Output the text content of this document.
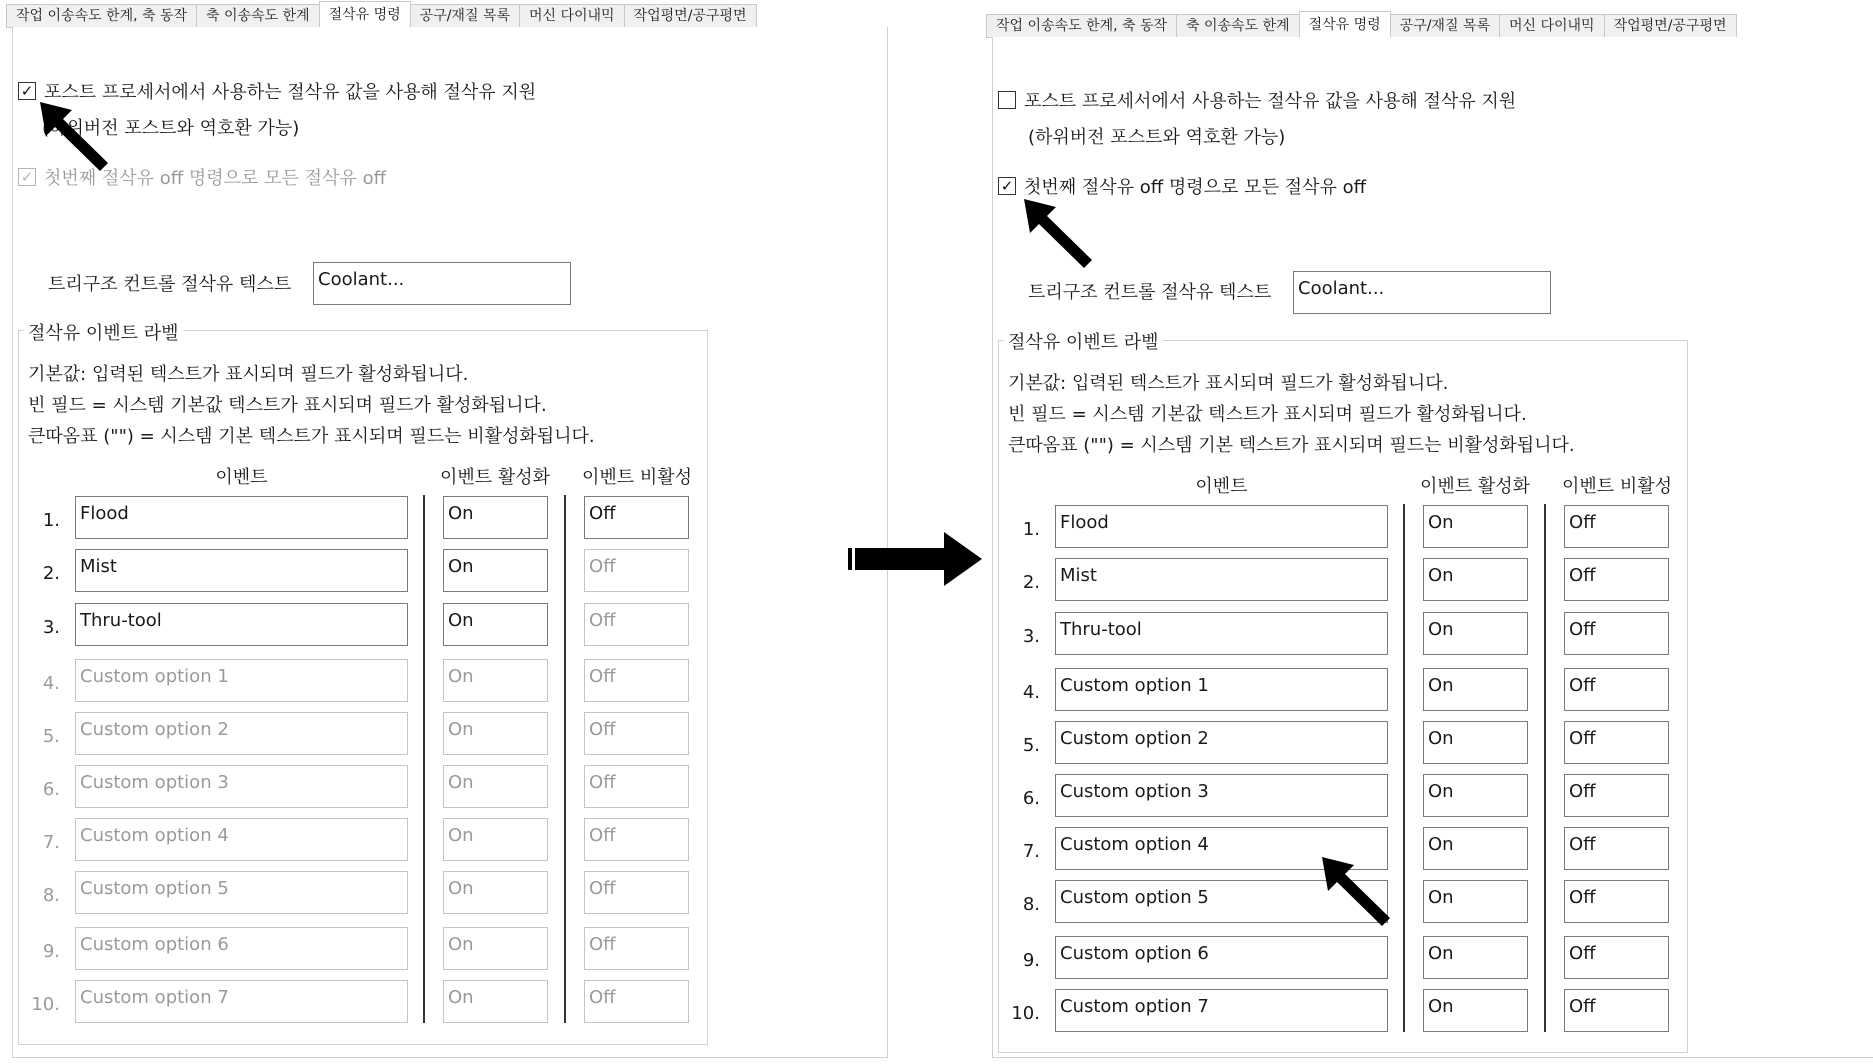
작업 이송속도 한계, 축 동작	축 이송속도 한계	절삭유 명령	공구/재질 목록	머신 다이내믹	작업평면/공구평면
✓ 포스트 프로세서에서 사용하는 절삭유 값을 사용해 절삭유 지원
(하위버전 포스트와 역호환 가능)
✓ 첫번째 절삭유 off 명령으로 모든 절삭유 off
트리구조 컨트롤 절삭유 텍스트 Coolant...
절삭유 이벤트 라벨
기본값: 입력된 텍스트가 표시되며 필드가 활성화됩니다.
빈 필드 = 시스템 기본값 텍스트가 표시되며 필드가 활성화됩니다.
큰따옴표 ("") = 시스템 기본 텍스트가 표시되며 필드는 비활성화됩니다.
이벤트	이벤트 활성화	이벤트 비활성
1. Flood	On	Off
2. Mist	On	Off
3. Thru-tool	On	Off
4. Custom option 1	On	Off
5. Custom option 2	On	Off
6. Custom option 3	On	Off
7. Custom option 4	On	Off
8. Custom option 5	On	Off
9. Custom option 6	On	Off
10. Custom option 7	On	Off
작업 이송속도 한계, 축 동작	축 이송속도 한계	절삭유 명령	공구/재질 목록	머신 다이내믹	작업평면/공구평면
포스트 프로세서에서 사용하는 절삭유 값을 사용해 절삭유 지원
(하위버전 포스트와 역호환 가능)
✓ 첫번째 절삭유 off 명령으로 모든 절삭유 off
트리구조 컨트롤 절삭유 텍스트 Coolant...
절삭유 이벤트 라벨
기본값: 입력된 텍스트가 표시되며 필드가 활성화됩니다.
빈 필드 = 시스템 기본값 텍스트가 표시되며 필드가 활성화됩니다.
큰따옴표 ("") = 시스템 기본 텍스트가 표시되며 필드는 비활성화됩니다.
이벤트	이벤트 활성화	이벤트 비활성
1. Flood	On	Off
2. Mist	On	Off
3. Thru-tool	On	Off
4. Custom option 1	On	Off
5. Custom option 2	On	Off
6. Custom option 3	On	Off
7. Custom option 4	On	Off
8. Custom option 5	On	Off
9. Custom option 6	On	Off
10. Custom option 7	On	Off
